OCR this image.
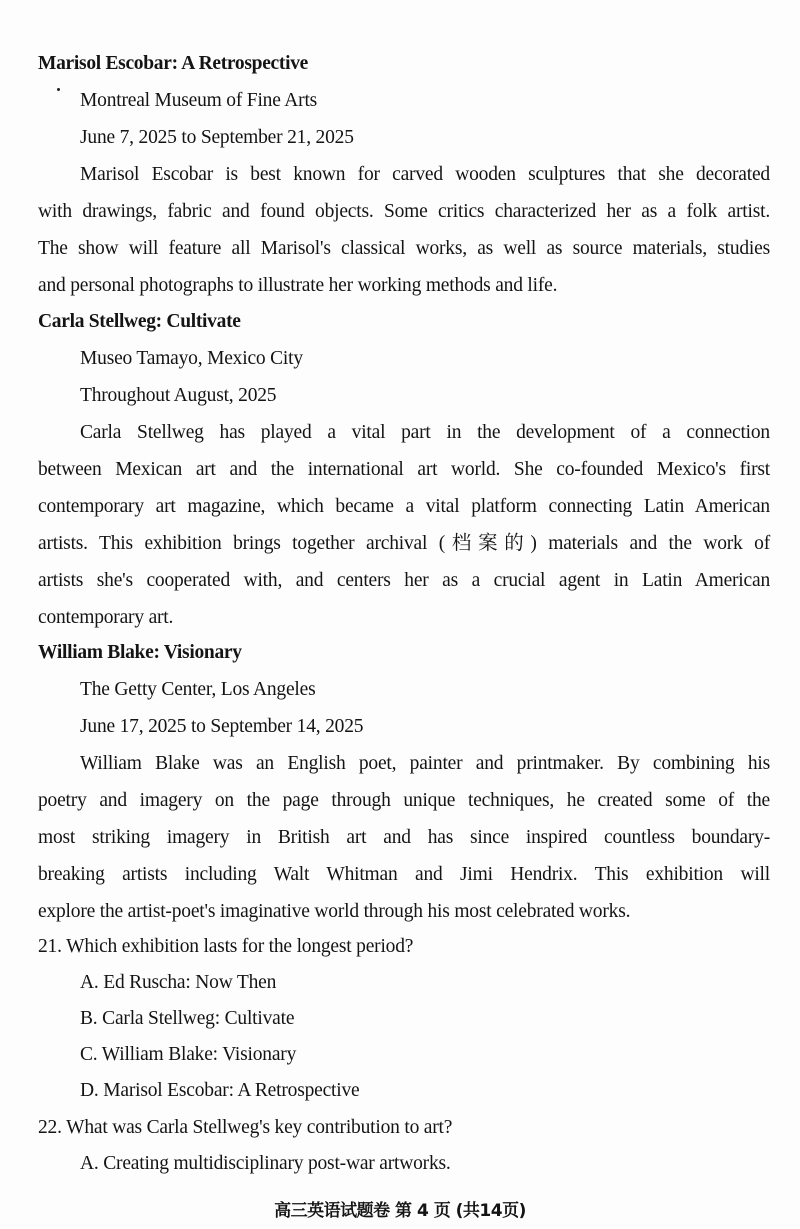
Marisol Escobar: A Retrospective
Montreal Museum of Fine Arts
June 7, 2025 to September 21, 2025
Marisol Escobar is best known for carved wooden sculptures that she decorated
with drawings, fabric and found objects. Some critics characterized her as a folk artist.
The show will feature all Marisol's classical works, as well as source materials, studies
and personal photographs to illustrate her working methods and life.
Carla Stellweg: Cultivate
Museo Tamayo, Mexico City
Throughout August, 2025
Carla Stellweg has played a vital part in the development of a connection
between Mexican art and the international art world. She co-founded Mexico's first
contemporary art magazine, which became a vital platform connecting Latin American
artists. This exhibition brings together archival (档案的) materials and the work of
artists she's cooperated with, and centers her as a crucial agent in Latin American
contemporary art.
William Blake: Visionary
The Getty Center, Los Angeles
June 17, 2025 to September 14, 2025
William Blake was an English poet, painter and printmaker. By combining his
poetry and imagery on the page through unique techniques, he created some of the
most striking imagery in British art and has since inspired countless boundary-
breaking artists including Walt Whitman and Jimi Hendrix. This exhibition will
explore the artist-poet's imaginative world through his most celebrated works.
21. Which exhibition lasts for the longest period?
A. Ed Ruscha: Now Then
B. Carla Stellweg: Cultivate
C. William Blake: Visionary
D. Marisol Escobar: A Retrospective
22. What was Carla Stellweg's key contribution to art?
A. Creating multidisciplinary post-war artworks.
高三英语试题卷 第 4 页 (共14页)
